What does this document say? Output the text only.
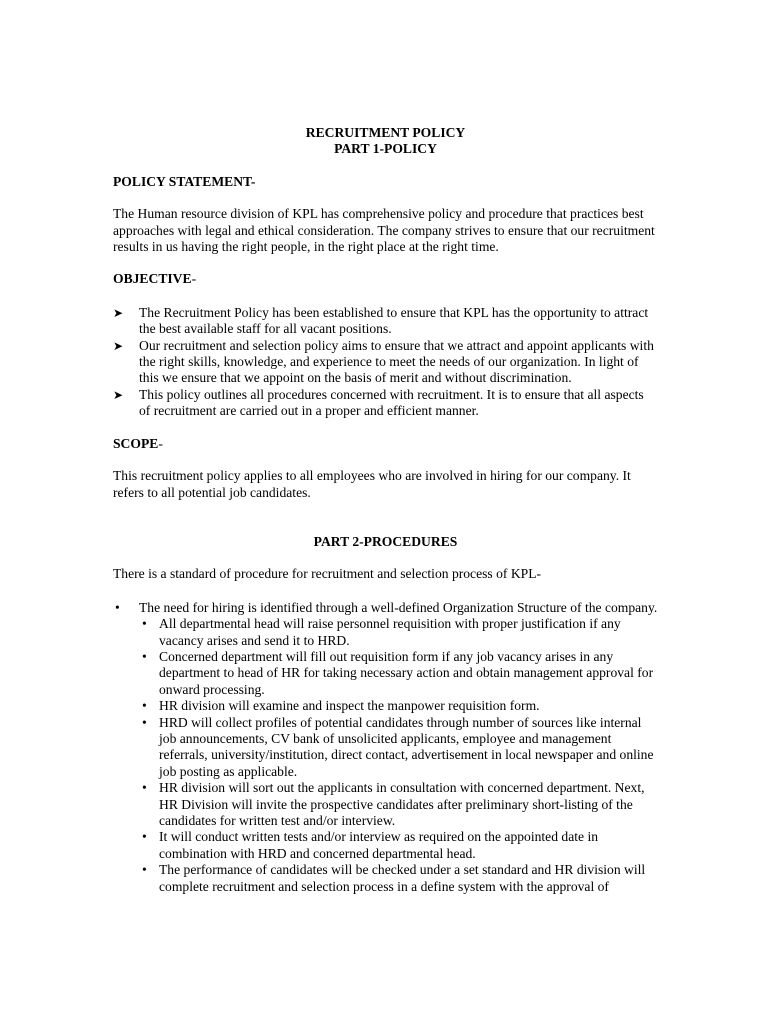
RECRUITMENT POLICY

PART 1-POLICY

POLICY STATEMENT-

The Human resource division of KPL has comprehensive policy and procedure that practices best approaches with legal and ethical consideration. The company strives to ensure that our recruitment results in us having the right people, in the right place at the right time.

OBJECTIVE-

➤ The Recruitment Policy has been established to ensure that KPL has the opportunity to attract the best available staff for all vacant positions.
➤ Our recruitment and selection policy aims to ensure that we attract and appoint applicants with the right skills, knowledge, and experience to meet the needs of our organization. In light of this we ensure that we appoint on the basis of merit and without discrimination.
➤ This policy outlines all procedures concerned with recruitment. It is to ensure that all aspects of recruitment are carried out in a proper and efficient manner.

SCOPE-

This recruitment policy applies to all employees who are involved in hiring for our company. It refers to all potential job candidates.

PART 2-PROCEDURES

There is a standard of procedure for recruitment and selection process of KPL-

• The need for hiring is identified through a well-defined Organization Structure of the company.
• All departmental head will raise personnel requisition with proper justification if any vacancy arises and send it to HRD.
• Concerned department will fill out requisition form if any job vacancy arises in any department to head of HR for taking necessary action and obtain management approval for onward processing.
• HR division will examine and inspect the manpower requisition form.
• HRD will collect profiles of potential candidates through number of sources like internal job announcements, CV bank of unsolicited applicants, employee and management referrals, university/institution, direct contact, advertisement in local newspaper and online job posting as applicable.
• HR division will sort out the applicants in consultation with concerned department. Next, HR Division will invite the prospective candidates after preliminary short-listing of the candidates for written test and/or interview.
• It will conduct written tests and/or interview as required on the appointed date in combination with HRD and concerned departmental head.
• The performance of candidates will be checked under a set standard and HR division will complete recruitment and selection process in a define system with the approval of
